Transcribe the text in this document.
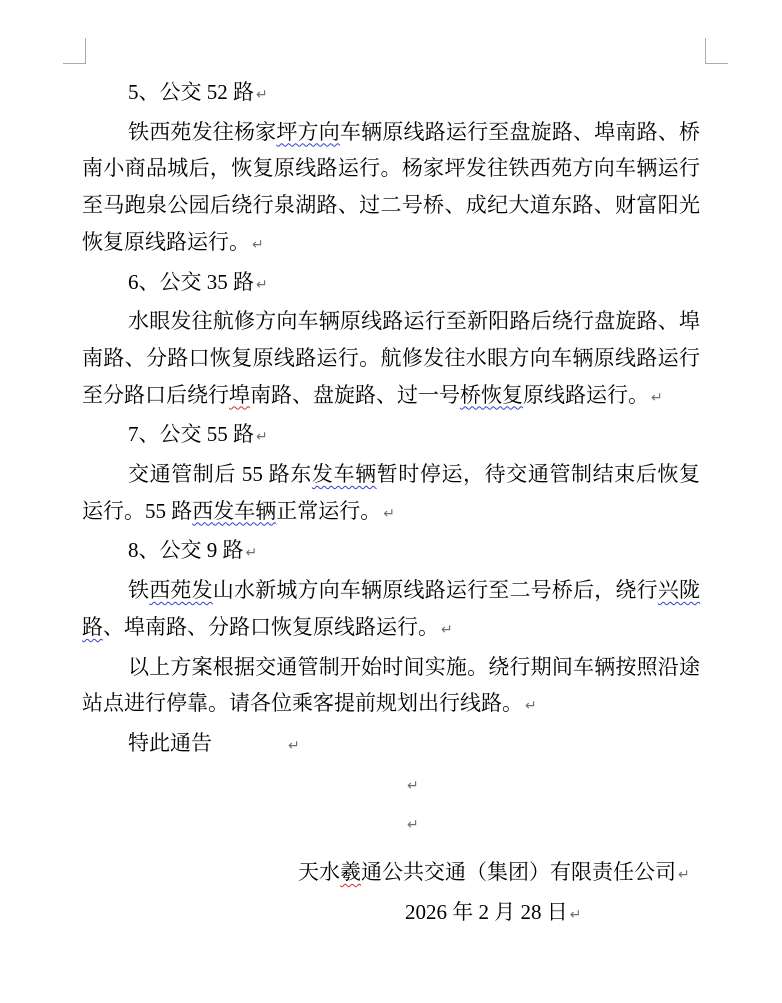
5、公交 52 路 ↵
铁西苑发往杨家坪方向车辆原线路运行至盘旋路、埠南路、桥
南小商品城后，恢复原线路运行。杨家坪发往铁西苑方向车辆运行
至马跑泉公园后绕行泉湖路、过二号桥、成纪大道东路、财富阳光
恢复原线路运行。 ↵
6、公交 35 路 ↵
水眼发往航修方向车辆原线路运行至新阳路后绕行盘旋路、埠
南路、分路口恢复原线路运行。航修发往水眼方向车辆原线路运行
至分路口后绕行埠南路、盘旋路、过一号桥恢复原线路运行。 ↵
7、公交 55 路 ↵
交通管制后 55 路东发车辆暂时停运，待交通管制结束后恢复
运行。55 路西发车辆正常运行。 ↵
8、公交 9 路 ↵
铁西苑发山水新城方向车辆原线路运行至二号桥后，绕行兴陇
路、埠南路、分路口恢复原线路运行。 ↵
以上方案根据交通管制开始时间实施。绕行期间车辆按照沿途
站点进行停靠。请各位乘客提前规划出行线路。 ↵
特此通告	↵
↵
↵
天水羲通公共交通（集团）有限责任公司 ↵
2026 年 2 月 28 日 ↵
